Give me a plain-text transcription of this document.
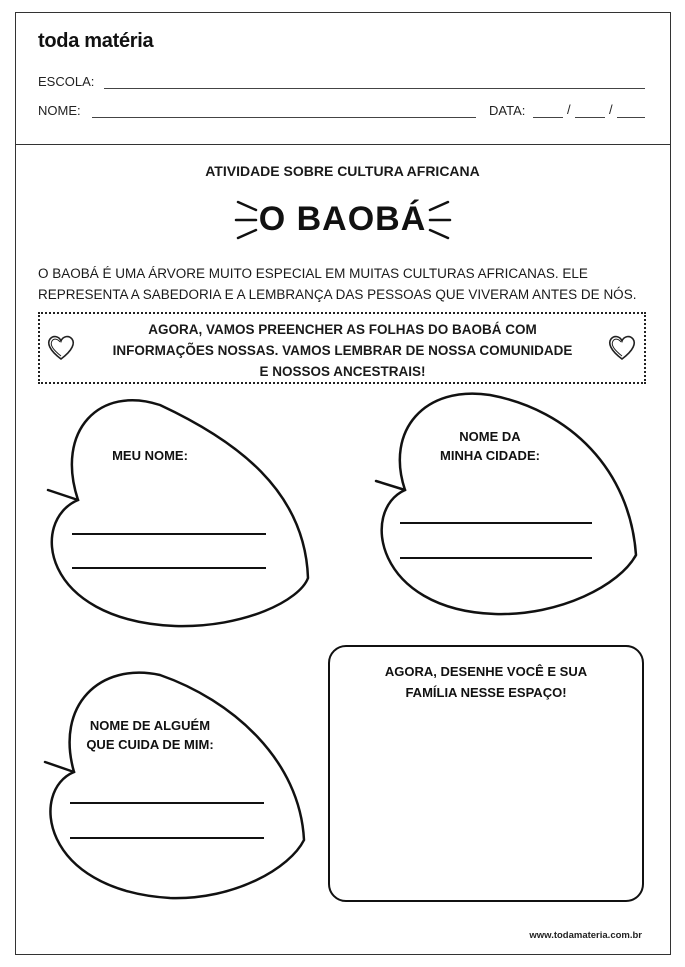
toda matéria
ESCOLA:
NOME:	DATA:	/	/
ATIVIDADE SOBRE CULTURA AFRICANA
O BAOBÁ
O BAOBÁ É UMA ÁRVORE MUITO ESPECIAL EM MUITAS CULTURAS AFRICANAS. ELE
REPRESENTA A SABEDORIA E A LEMBRANÇA DAS PESSOAS QUE VIVERAM ANTES DE NÓS.
AGORA, VAMOS PREENCHER AS FOLHAS DO BAOBÁ COM
INFORMAÇÕES NOSSAS. VAMOS LEMBRAR DE NOSSA COMUNIDADE
E NOSSOS ANCESTRAIS!
MEU NOME:
NOME DA
MINHA CIDADE:
NOME DE ALGUÉM
QUE CUIDA DE MIM:
AGORA, DESENHE VOCÊ E SUA
FAMÍLIA NESSE ESPAÇO!
www.todamateria.com.br
